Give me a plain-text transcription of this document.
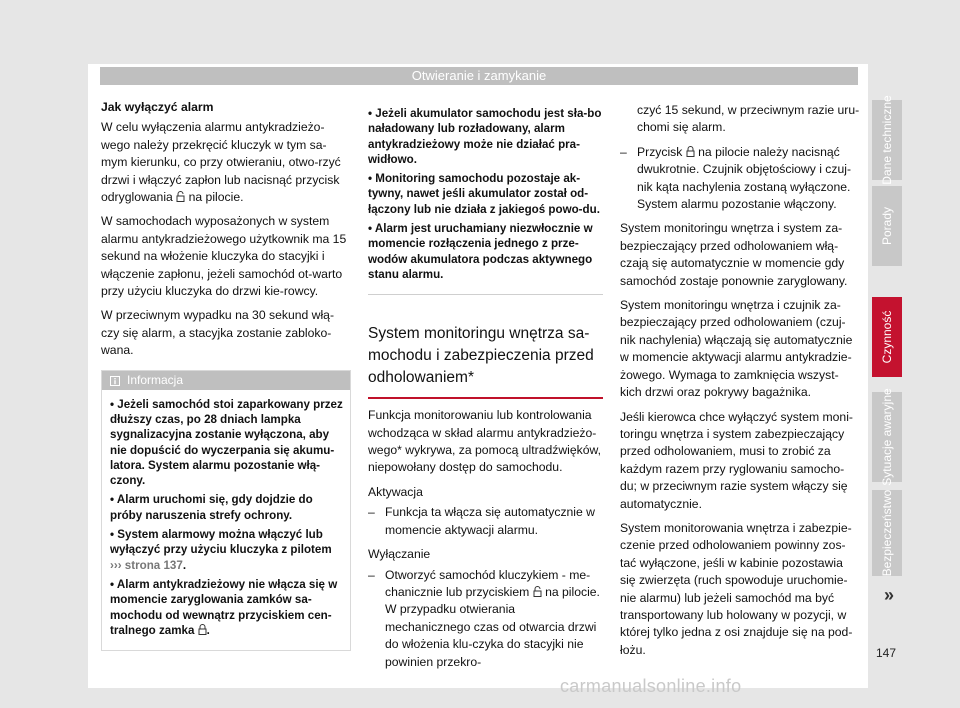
Otwieranie i zamykanie
Jak wyłączyć alarm

W celu wyłączenia alarmu antykradzieżo-wego należy przekręcić kluczyk w tym sa-mym kierunku, co przy otwieraniu, otwo-rzyć drzwi i włączyć zapłon lub nacisnąć przycisk odryglowania na pilocie.

W samochodach wyposażonych w system alarmu antykradzieżowego użytkownik ma 15 sekund na włożenie kluczyka do stacyjki i włączenie zapłonu, jeżeli samochód ot-warto przy użyciu kluczyka do drzwi kie-rowcy.

W przeciwnym wypadku na 30 sekund włą-czy się alarm, a stacyjka zostanie zabloko-wana.

Informacja
• Jeżeli samochód stoi zaparkowany przez dłuższy czas, po 28 dniach lampka sygnalizacyjna zostanie wyłączona, aby nie dopuścić do wyczerpania się akumu-latora. System alarmu pozostanie włą-czony.
• Alarm uruchomi się, gdy dojdzie do próby naruszenia strefy ochrony.
• System alarmowy można włączyć lub wyłączyć przy użyciu kluczyka z pilotem ››› strona 137.
• Alarm antykradzieżowy nie włącza się w momencie zaryglowania zamków sa-mochodu od wewnątrz przyciskiem cen-tralnego zamka .
• Jeżeli akumulator samochodu jest sła-bo naładowany lub rozładowany, alarm antykradzieżowy może nie działać pra-widłowo.
• Monitoring samochodu pozostaje ak-tywny, nawet jeśli akumulator został od-łączony lub nie działa z jakiegoś powo-du.
• Alarm jest uruchamiany niezwłocznie w momencie rozłączenia jednego z prze-wodów akumulatora podczas aktywnego stanu alarmu.
System monitoringu wnętrza sa-mochodu i zabezpieczenia przed odholowaniem*

Funkcja monitorowaniu lub kontrolowania wchodząca w skład alarmu antykradzieżo-wego* wykrywa, za pomocą ultradźwięków, niepowołany dostęp do samochodu.

Aktywacja
– Funkcja ta włącza się automatycznie w momencie aktywacji alarmu.
Wyłączanie
– Otworzyć samochód kluczykiem - me-chanicznie lub przyciskiem na pilocie. W przypadku otwierania mechanicznego czas od otwarcia drzwi do włożenia klu-czyka do stacyjki nie powinien przekro-
czyć 15 sekund, w przeciwnym razie uru-chomi się alarm.
– Przycisk na pilocie należy nacisnąć dwukrotnie. Czujnik objętościowy i czuj-nik kąta nachylenia zostaną wyłączone. System alarmu pozostanie włączony.

System monitoringu wnętrza i system za-bezpieczający przed odholowaniem włą-czają się automatycznie w momencie gdy samochód zostaje ponownie zaryglowany.

System monitoringu wnętrza i czujnik za-bezpieczający przed odholowaniem (czuj-nik nachylenia) włączają się automatycznie w momencie aktywacji alarmu antykradzie-żowego. Wymaga to zamknięcia wszyst-kich drzwi oraz pokrywy bagażnika.

Jeśli kierowca chce wyłączyć system moni-toringu wnętrza i system zabezpieczający przed odholowaniem, musi to zrobić za każdym razem przy ryglowaniu samocho-du; w przeciwnym razie system włączy się automatycznie.

System monitorowania wnętrza i zabezpie-czenie przed odholowaniem powinny zos-tać wyłączone, jeśli w kabinie pozostawia się zwierzęta (ruch spowoduje uruchomie-nie alarmu) lub jeżeli samochód ma być transportowany lub holowany w pozycji, w której tylko jedna z osi znajduje się na pod-łożu.

»
Dane techniczne
Porady
Czynność
Sytuacje awaryjne
Bezpieczeństwo
147
carmanualsonline.info
